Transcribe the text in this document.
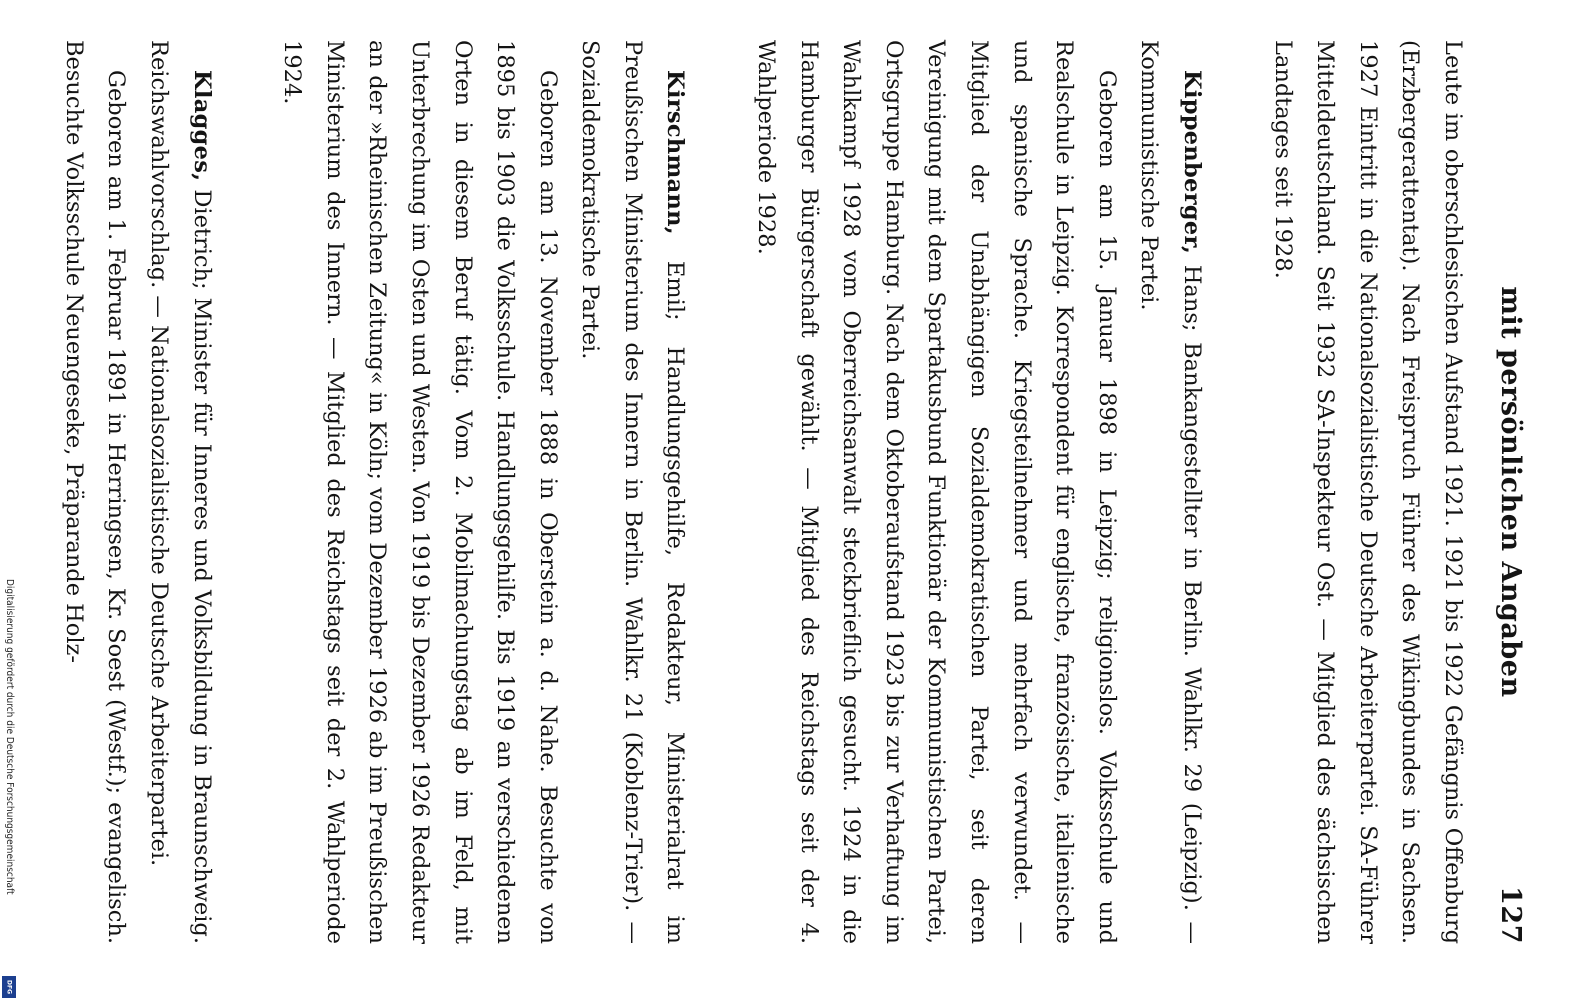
mit persönlichen Angaben
127

Leute im oberschlesischen Aufstand 1921. 1921 bis 1922 Gefängnis Offenburg (Erzbergerattentat). Nach Freispruch Führer des Wikingbundes in Sachsen. 1927 Eintritt in die Nationalsozialistische Deutsche Arbeiterpartei. SA-Führer Mitteldeutschland. Seit 1932 SA-Inspekteur Ost. — Mitglied des sächsischen Landtages seit 1928.

Kippenberger, Hans; Bankangestellter in Berlin. Wahlkr. 29 (Leipzig). — Kommunistische Partei.

Geboren am 15. Januar 1898 in Leipzig; religionslos. Volksschule und Realschule in Leipzig. Korrespondent für englische, französische, italienische und spanische Sprache. Kriegsteilnehmer und mehrfach verwundet. — Mitglied der Unabhängigen Sozialdemokratischen Partei, seit deren Vereinigung mit dem Spartakusbund Funktionär der Kommunistischen Partei, Ortsgruppe Hamburg. Nach dem Oktoberaufstand 1923 bis zur Verhaftung im Wahlkampf 1928 vom Oberreichsanwalt steckbrieflich gesucht. 1924 in die Hamburger Bürgerschaft gewählt. — Mitglied des Reichstags seit der 4. Wahlperiode 1928.

Kirschmann, Emil; Handlungsgehilfe, Redakteur, Ministerialrat im Preußischen Ministerium des Innern in Berlin. Wahlkr. 21 (Koblenz-Trier). — Sozialdemokratische Partei.

Geboren am 13. November 1888 in Oberstein a. d. Nahe. Besuchte von 1895 bis 1903 die Volksschule. Handlungsgehilfe. Bis 1919 an verschiedenen Orten in diesem Beruf tätig. Vom 2. Mobilmachungstag ab im Feld, mit Unterbrechung im Osten und Westen. Von 1919 bis Dezember 1926 Redakteur an der »Rheinischen Zeitung« in Köln; vom Dezember 1926 ab im Preußischen Ministerium des Innern. — Mitglied des Reichstags seit der 2. Wahlperiode 1924.

Klagges, Dietrich; Minister für Inneres und Volksbildung in Braunschweig. Reichswahlvorschlag. — Nationalsozialistische Deutsche Arbeiterpartei.

Geboren am 1. Februar 1891 in Herringsen, Kr. Soest (Westf.); evangelisch. Besuchte Volksschule Neuengeseke, Präparande Holz-

Digitalisierung gefördert durch die Deutsche Forschungsgemeinschaft
DFG
